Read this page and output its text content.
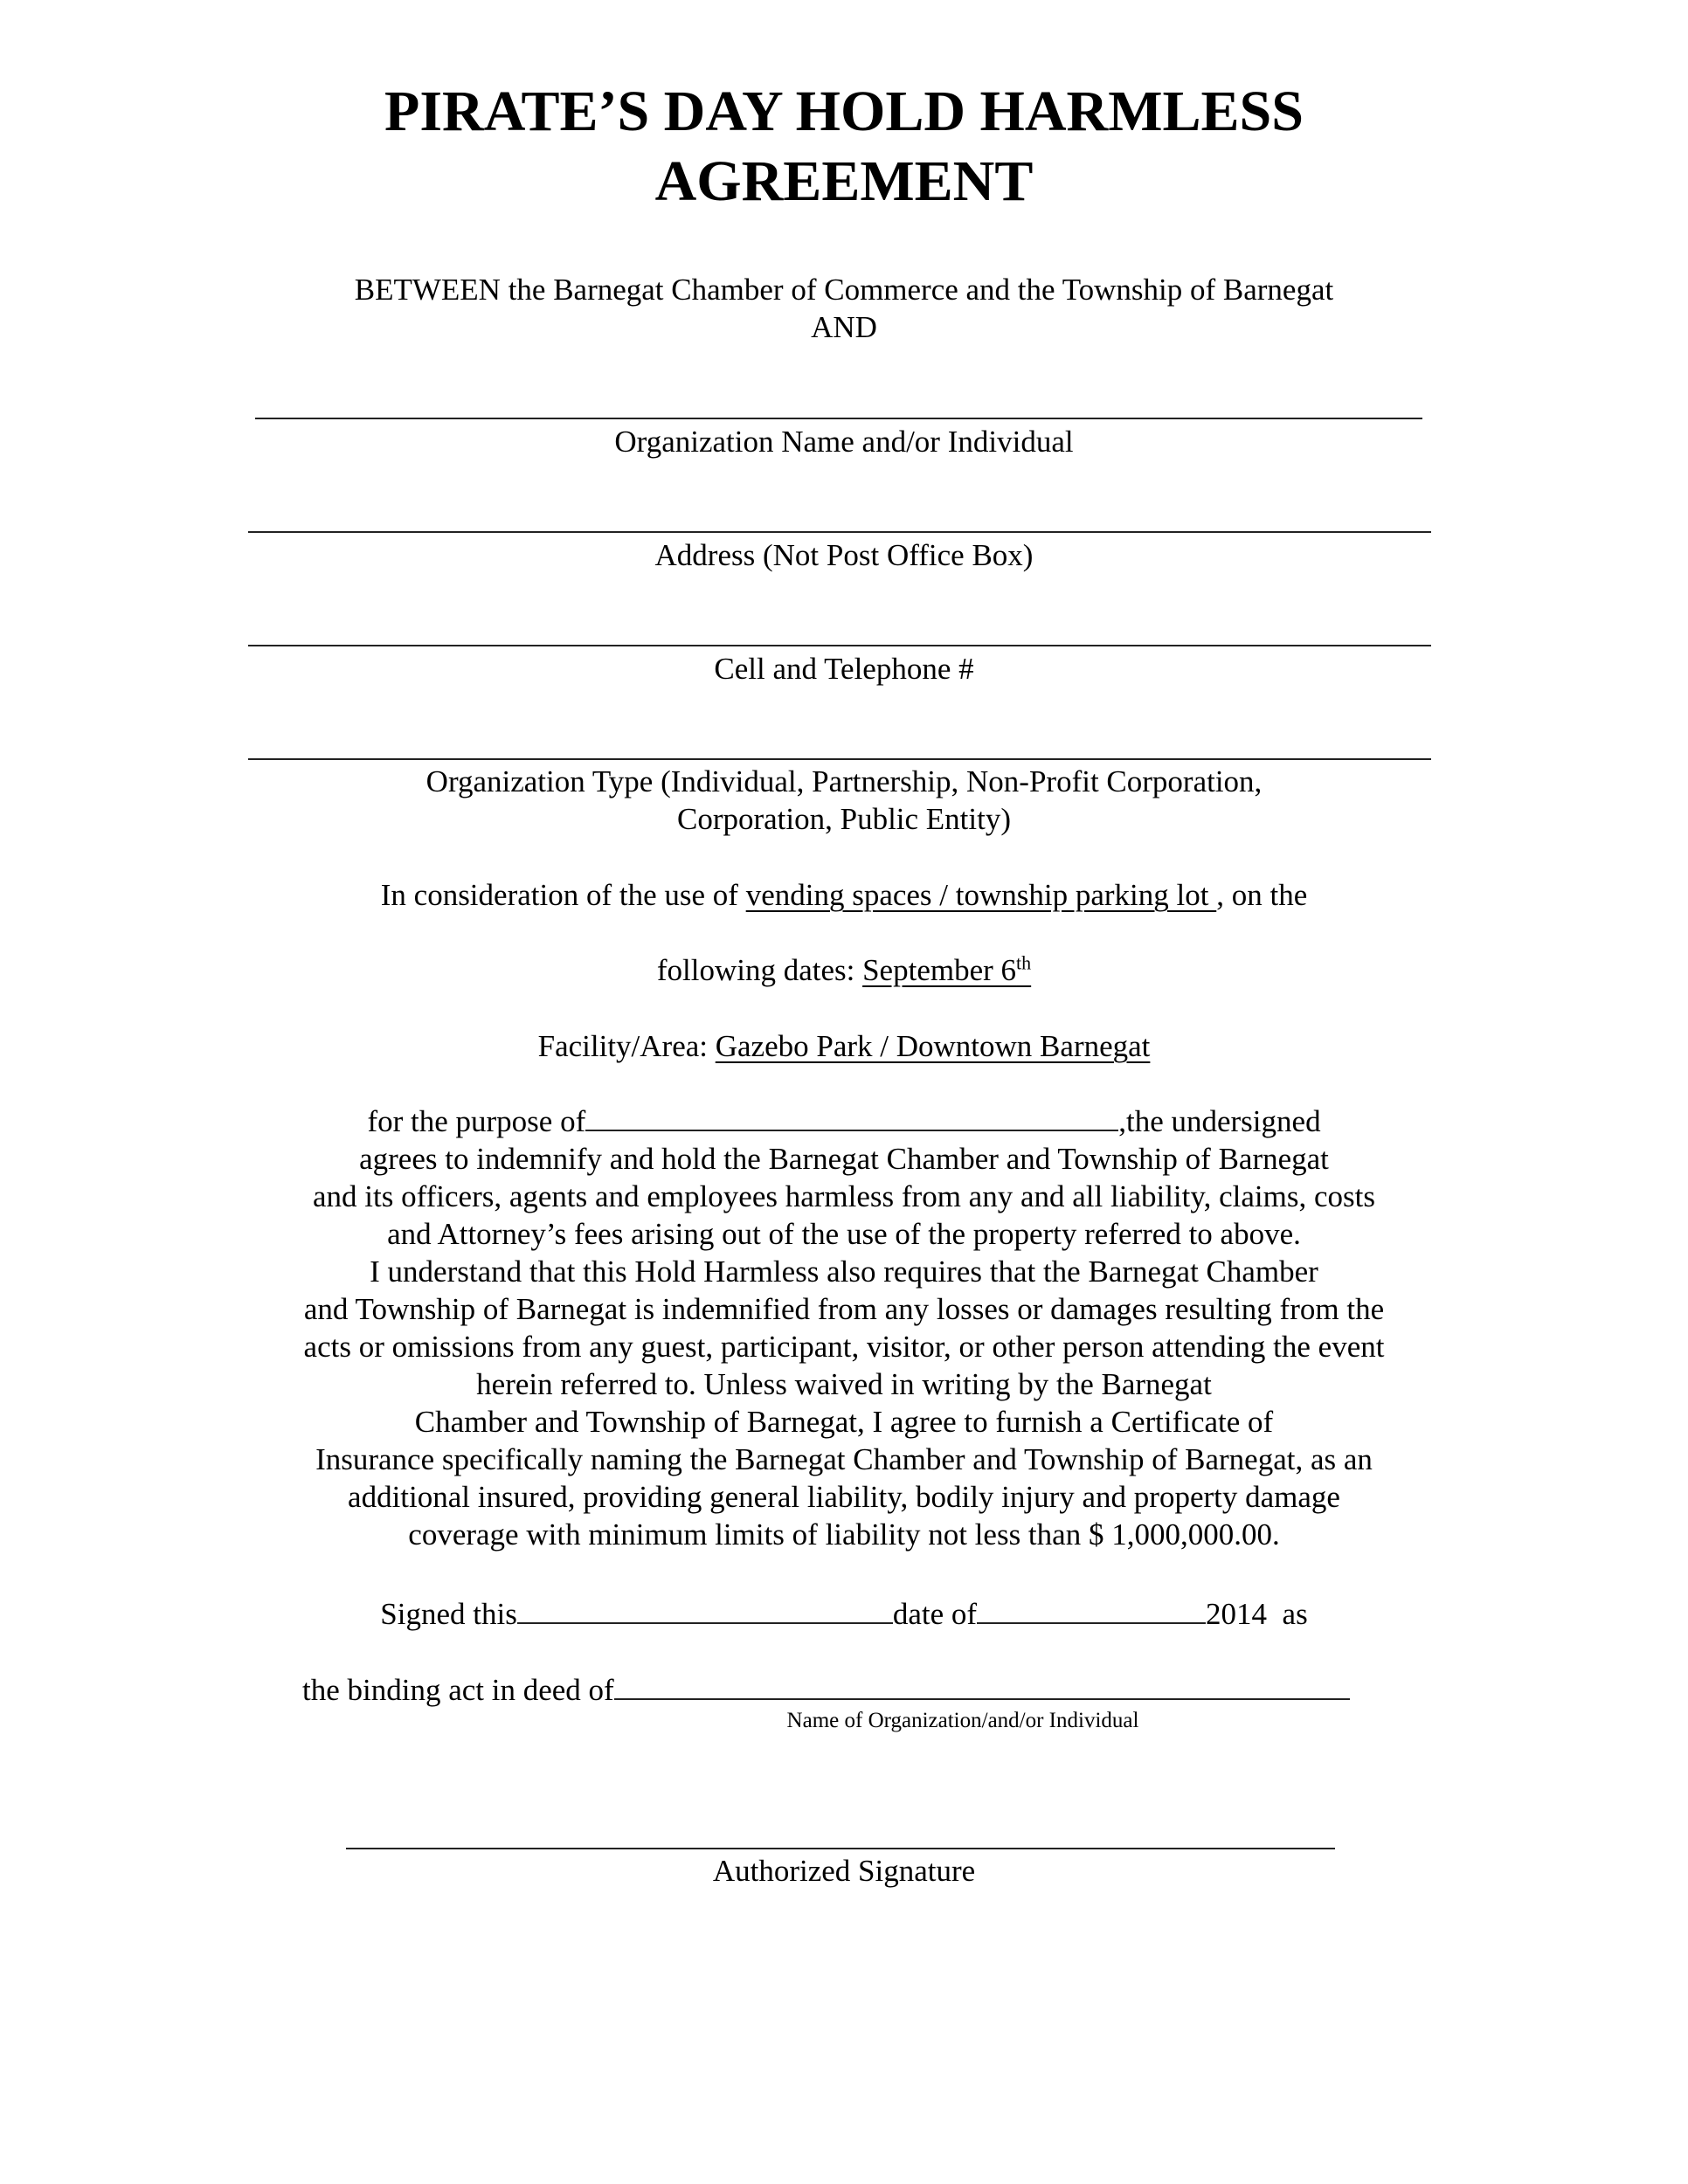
PIRATE’S DAY HOLD HARMLESS
AGREEMENT
BETWEEN the Barnegat Chamber of Commerce and the Township of Barnegat
AND
Organization Name and/or Individual
Address (Not Post Office Box)
Cell and Telephone #
Organization Type (Individual, Partnership, Non-Profit Corporation,
Corporation, Public Entity)
In consideration of the use of vending spaces / township parking lot , on the
following dates: September 6th
Facility/Area: Gazebo Park / Downtown Barnegat
for the purpose of	,the undersigned
agrees to indemnify and hold the Barnegat Chamber and Township of Barnegat
and its officers, agents and employees harmless from any and all liability, claims, costs
and Attorney’s fees arising out of the use of the property referred to above.
I understand that this Hold Harmless also requires that the Barnegat Chamber
and Township of Barnegat is indemnified from any losses or damages resulting from the
acts or omissions from any guest, participant, visitor, or other person attending the event
herein referred to. Unless waived in writing by the Barnegat
Chamber and Township of Barnegat, I agree to furnish a Certificate of
Insurance specifically naming the Barnegat Chamber and Township of Barnegat, as an
additional insured, providing general liability, bodily injury and property damage
coverage with minimum limits of liability not less than $ 1,000,000.00.
Signed this	date of	2014 as
the binding act in deed of
Name of Organization/and/or Individual
Authorized Signature
